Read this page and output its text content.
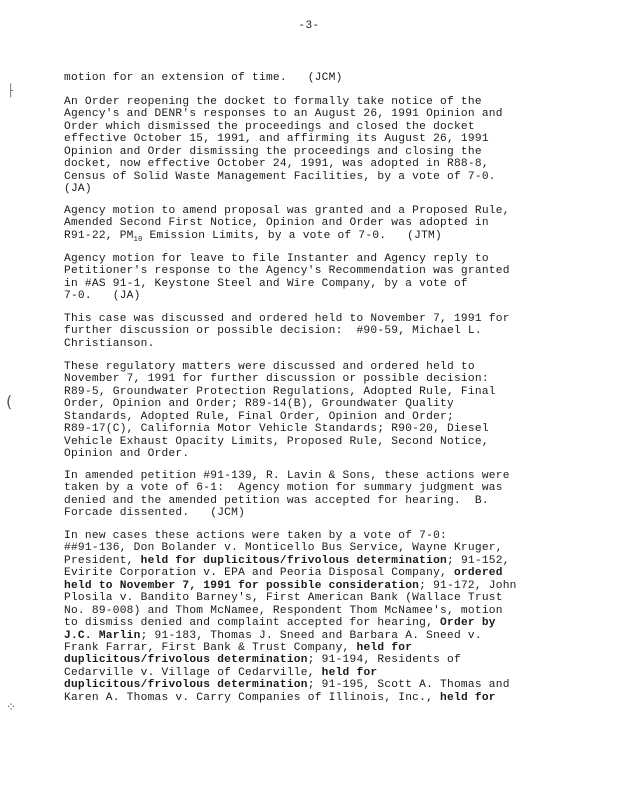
-3-
⸠
(
⁘
motion for an extension of time.   (JCM)
An Order reopening the docket to formally take notice of the
Agency's and DENR's responses to an August 26, 1991 Opinion and
Order which dismissed the proceedings and closed the docket
effective October 15, 1991, and affirming its August 26, 1991
Opinion and Order dismissing the proceedings and closing the
docket, now effective October 24, 1991, was adopted in R88-8,
Census of Solid Waste Management Facilities, by a vote of 7-0.
(JA)
Agency motion to amend proposal was granted and a Proposed Rule,
Amended Second First Notice, Opinion and Order was adopted in
R91-22, $PM_{10}$ Emission Limits, by a vote of 7-0.   (JTM)
Agency motion for leave to file Instanter and Agency reply to
Petitioner's response to the Agency's Recommendation was granted
in #AS 91-1, Keystone Steel and Wire Company, by a vote of
7-0.   (JA)
This case was discussed and ordered held to November 7, 1991 for
further discussion or possible decision:  #90-59, Michael L.
Christianson.
These regulatory matters were discussed and ordered held to
November 7, 1991 for further discussion or possible decision:
R89-5, Groundwater Protection Regulations, Adopted Rule, Final
Order, Opinion and Order; R89-14(B), Groundwater Quality
Standards, Adopted Rule, Final Order, Opinion and Order;
R89-17(C), California Motor Vehicle Standards; R90-20, Diesel
Vehicle Exhaust Opacity Limits, Proposed Rule, Second Notice,
Opinion and Order.
In amended petition #91-139, R. Lavin & Sons, these actions were
taken by a vote of 6-1:  Agency motion for summary judgment was
denied and the amended petition was accepted for hearing.  B.
Forcade dissented.   (JCM)
In new cases these actions were taken by a vote of 7-0:
##91-136, Don Bolander v. Monticello Bus Service, Wayne Kruger,
President, held for duplicitous/frivolous determination; 91-152,
Evirite Corporation v. EPA and Peoria Disposal Company, ordered
held to November 7, 1991 for possible consideration; 91-172, John
Plosila v. Bandito Barney's, First American Bank (Wallace Trust
No. 89-008) and Thom McNamee, Respondent Thom McNamee's, motion
to dismiss denied and complaint accepted for hearing, Order by
J.C. Marlin; 91-183, Thomas J. Sneed and Barbara A. Sneed v.
Frank Farrar, First Bank & Trust Company, held for
duplicitous/frivolous determination; 91-194, Residents of
Cedarville v. Village of Cedarville, held for
duplicitous/frivolous determination; 91-195, Scott A. Thomas and
Karen A. Thomas v. Carry Companies of Illinois, Inc., held for
